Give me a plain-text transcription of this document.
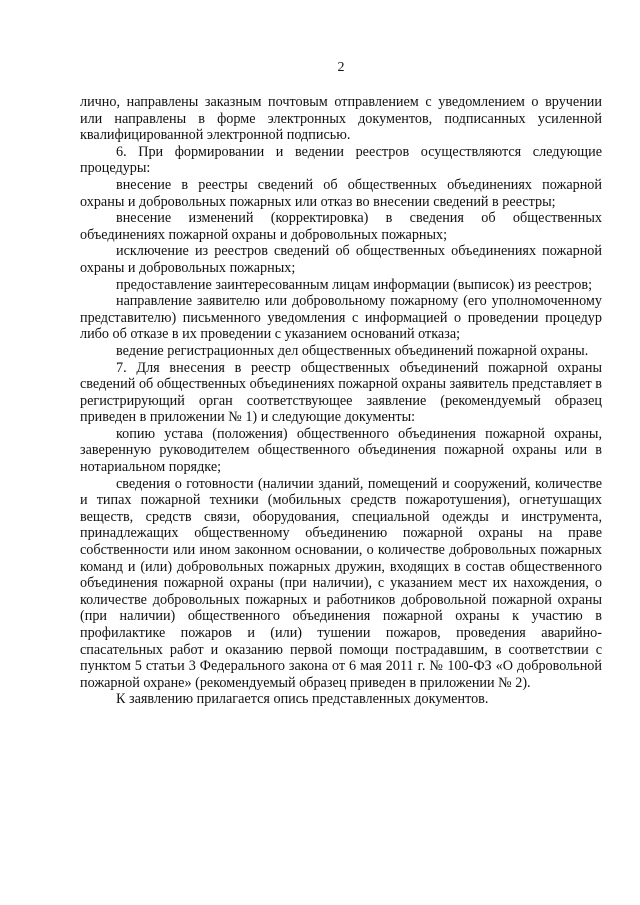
2

лично, направлены заказным почтовым отправлением с уведомлением о вручении или направлены в форме электронных документов, подписанных усиленной квалифицированной электронной подписью.

6. При формировании и ведении реестров осуществляются следующие процедуры:

внесение в реестры сведений об общественных объединениях пожарной охраны и добровольных пожарных или отказ во внесении сведений в реестры;

внесение изменений (корректировка) в сведения об общественных объединениях пожарной охраны и добровольных пожарных;

исключение из реестров сведений об общественных объединениях пожарной охраны и добровольных пожарных;

предоставление заинтересованным лицам информации (выписок) из реестров;

направление заявителю или добровольному пожарному (его уполномоченному представителю) письменного уведомления с информацией о проведении процедур либо об отказе в их проведении с указанием оснований отказа;

ведение регистрационных дел общественных объединений пожарной охраны.

7. Для внесения в реестр общественных объединений пожарной охраны сведений об общественных объединениях пожарной охраны заявитель представляет в регистрирующий орган соответствующее заявление (рекомендуемый образец приведен в приложении № 1) и следующие документы:

копию устава (положения) общественного объединения пожарной охраны, заверенную руководителем общественного объединения пожарной охраны или в нотариальном порядке;

сведения о готовности (наличии зданий, помещений и сооружений, количестве и типах пожарной техники (мобильных средств пожаротушения), огнетушащих веществ, средств связи, оборудования, специальной одежды и инструмента, принадлежащих общественному объединению пожарной охраны на праве собственности или ином законном основании, о количестве добровольных пожарных команд и (или) добровольных пожарных дружин, входящих в состав общественного объединения пожарной охраны (при наличии), с указанием мест их нахождения, о количестве добровольных пожарных и работников добровольной пожарной охраны (при наличии) общественного объединения пожарной охраны к участию в профилактике пожаров и (или) тушении пожаров, проведения аварийно-спасательных работ и оказанию первой помощи пострадавшим, в соответствии с пунктом 5 статьи 3 Федерального закона от 6 мая 2011 г. № 100-ФЗ «О добровольной пожарной охране» (рекомендуемый образец приведен в приложении № 2).

К заявлению прилагается опись представленных документов.
